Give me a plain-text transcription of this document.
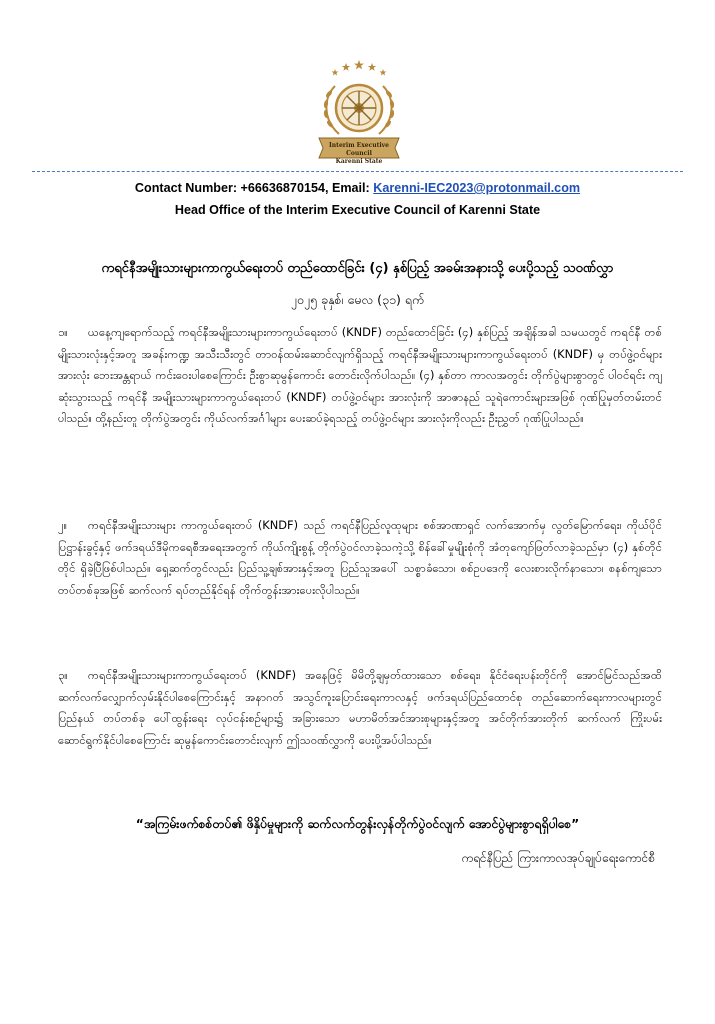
Interim Executive Council
Karenni State
Contact Number: +66636870154, Email: Karenni-IEC2023@protonmail.com
Head Office of the Interim Executive Council of Karenni State
ကရင်နီအမျိုးသားများကာကွယ်ရေးတပ် တည်ထောင်ခြင်း (၄) နှစ်ပြည့် အခမ်းအနားသို့ ပေးပို့သည့် သဝဏ်လွှာ
၂၀၂၅ ခုနှစ်၊ မေလ (၃၁) ရက်
၁။ ယနေ့ကျရောက်သည့် ကရင်နီအမျိုးသားများကာကွယ်ရေးတပ် (KNDF) တည်ထောင်ခြင်း (၄) နှစ်ပြည့် အချိန်အခါ သမယတွင် ကရင်နီ တစ်မျိုးသားလုံးနှင့်အတူ အခန်းကဏ္ဍ အသီးသီးတွင် တာဝန်ထမ်းဆောင်လျက်ရှိသည့် ကရင်နီအမျိုးသားများကာကွယ်ရေးတပ် (KNDF) မှ တပ်ဖွဲ့ဝင်များ အားလုံး ဘေးအန္တရာယ် ကင်းဝေးပါစေကြောင်း ဦးစွာဆုမွန်ကောင်း တောင်းလိုက်ပါသည်။ (၄) နှစ်တာ ကာလအတွင်း တိုက်ပွဲများစွာတွင် ပါဝင်ရင်း ကျဆုံးသွားသည့် ကရင်နီ အမျိုးသားများကာကွယ်ရေးတပ် (KNDF) တပ်ဖွဲ့ဝင်များ အားလုံးကို အာဇာနည် သူရဲကောင်းများအဖြစ် ဂုဏ်ပြုမှတ်တမ်းတင်ပါသည်။ ထို့နည်းတူ တိုက်ပွဲအတွင်း ကိုယ်လက်အင်္ဂါများ ပေးဆပ်ခဲ့ရသည့် တပ်ဖွဲ့ဝင်များ အားလုံးကိုလည်း ဦးညွှတ် ဂုဏ်ပြုပါသည်။
၂။ ကရင်နီအမျိုးသားများ ကာကွယ်ရေးတပ် (KNDF) သည် ကရင်နီပြည်လူထုများ စစ်အာဏာရှင် လက်အောက်မှ လွတ်မြောက်ရေး၊ ကိုယ်ပိုင်ပြဋ္ဌာန်းခွင့်နှင့် ဖက်ဒရယ်ဒီမိုကရေစီအရေးအတွက် ကိုယ်ကျိုးစွန့် တိုက်ပွဲဝင်လာခဲ့သကဲ့သို့ စိန်ခေါ်မှုမျိုးစုံကို အံတုကျော်ဖြတ်လာခဲ့သည်မှာ (၄) နှစ်တိုင်တိုင် ရှိခဲ့ပြီဖြစ်ပါသည်။ ရှေ့ဆက်တွင်လည်း ပြည်သူ့ချစ်အားနှင့်အတူ ပြည်သူအပေါ် သစ္စာခံသော၊ စစ်ဥပဒေကို လေးစားလိုက်နာသော၊ စနစ်ကျသော တပ်တစ်ခုအဖြစ် ဆက်လက် ရပ်တည်နိုင်ရန် တိုက်တွန်းအားပေးလိုပါသည်။
၃။ ကရင်နီအမျိုးသားများကာကွယ်ရေးတပ် (KNDF) အနေဖြင့် မိမိတို့ချမှတ်ထားသော စစ်ရေး၊ နိုင်ငံရေးပန်းတိုင်ကို အောင်မြင်သည်အထိ ဆက်လက်လျှောက်လှမ်းနိုင်ပါစေကြောင်းနှင့် အနာဂတ် အသွင်ကူးပြောင်းရေးကာလနှင့် ဖက်ဒရယ်ပြည်ထောင်စု တည်ဆောက်ရေးကာလများတွင် ပြည်နယ် တပ်တစ်ခု ပေါ်ထွန်းရေး လုပ်ငန်းစဉ်များ၌ အခြားသော မဟာမိတ်အင်အားစုများနှင့်အတူ အင်တိုက်အားတိုက် ဆက်လက် ကြိုးပမ်း ဆောင်ရွက်နိုင်ပါစေကြောင်း ဆုမွန်ကောင်းတောင်းလျက် ဤသဝဏ်လွှာကို ပေးပို့အပ်ပါသည်။
“အကြမ်းဖက်စစ်တပ်၏ ဖိနှိပ်မှုများကို ဆက်လက်တွန်းလှန်တိုက်ပွဲဝင်လျက် အောင်ပွဲများစွာရရှိပါစေ”
ကရင်နီပြည် ကြားကာလအုပ်ချုပ်ရေးကောင်စီ
